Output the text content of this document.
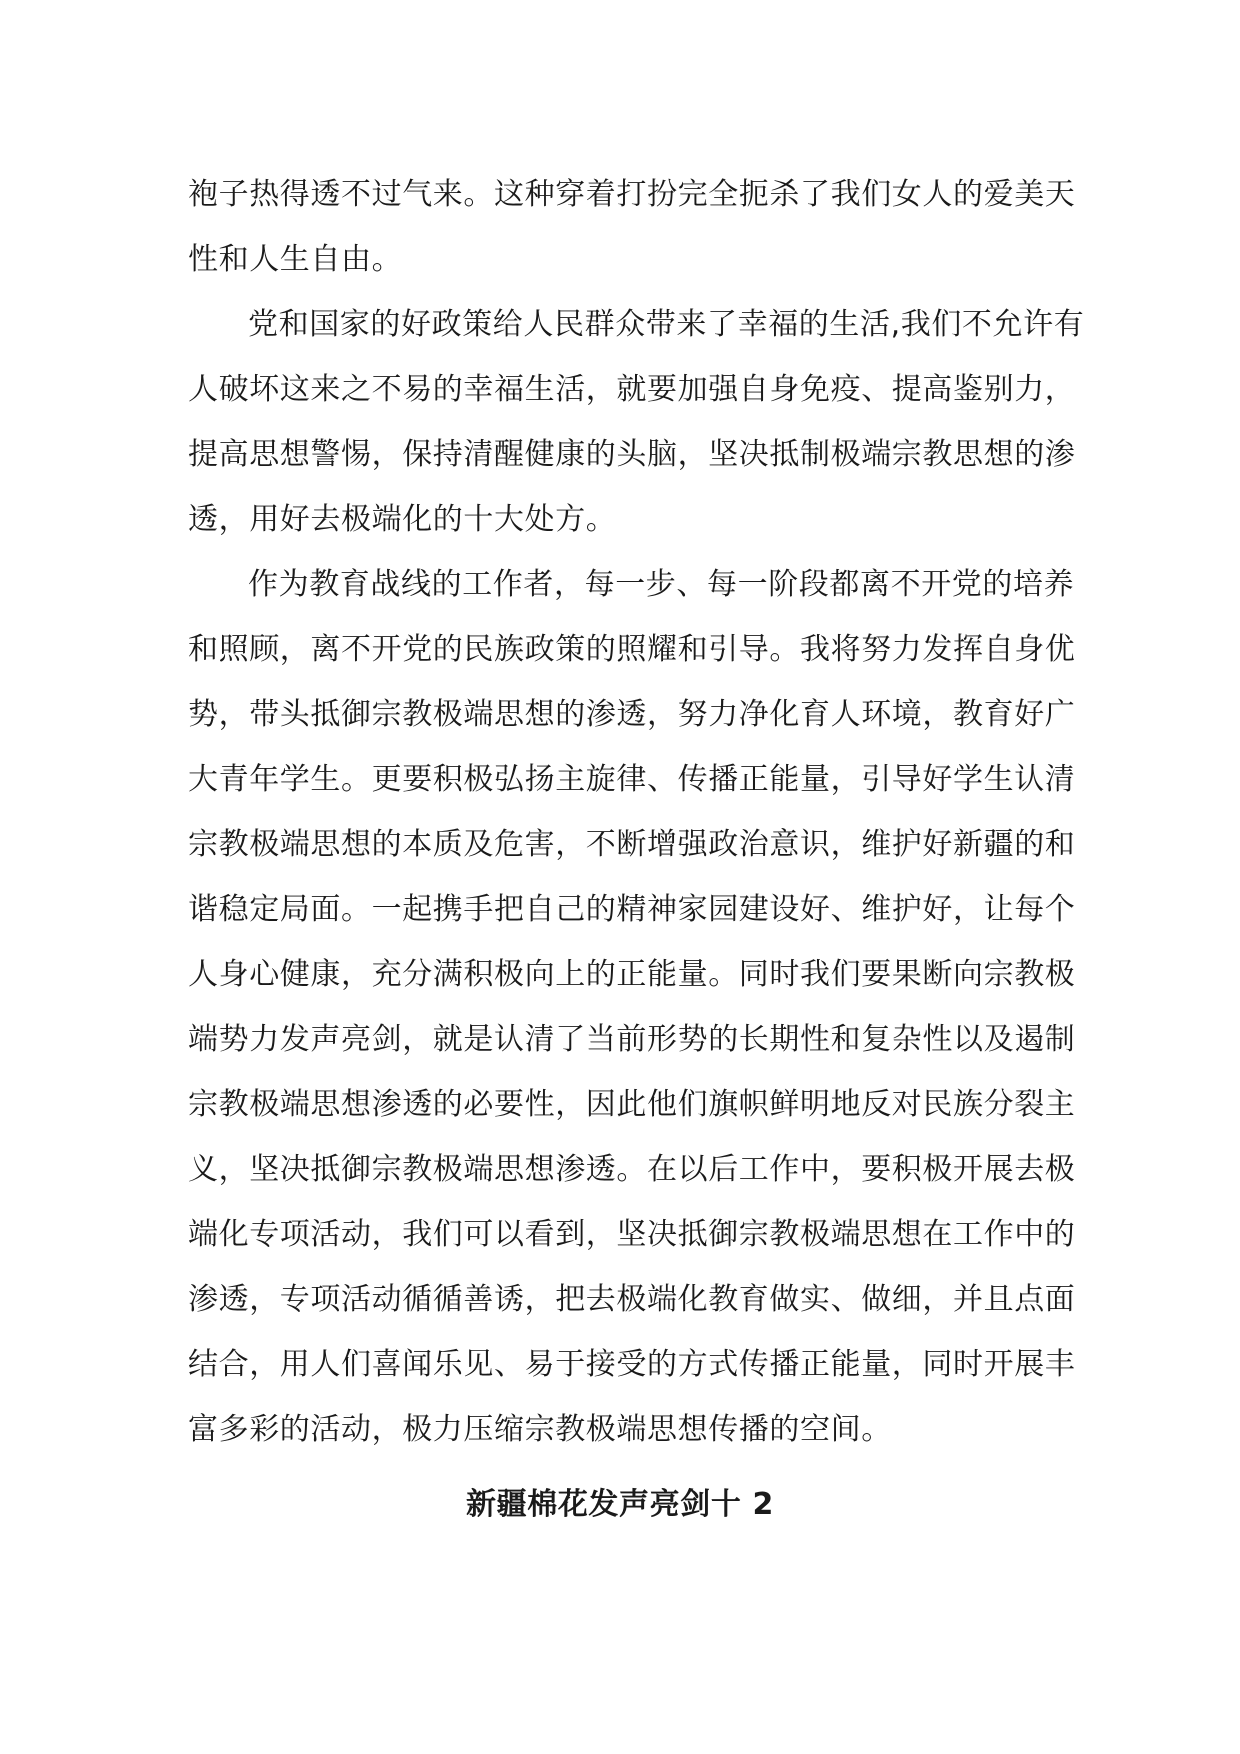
袍子热得透不过气来。这种穿着打扮完全扼杀了我们女人的爱美天
性和人生自由。
党和国家的好政策给人民群众带来了幸福的生活,我们不允许有
人破坏这来之不易的幸福生活，就要加强自身免疫、提高鉴别力，
提高思想警惕，保持清醒健康的头脑，坚决抵制极端宗教思想的渗
透，用好去极端化的十大处方。
作为教育战线的工作者，每一步、每一阶段都离不开党的培养
和照顾，离不开党的民族政策的照耀和引导。我将努力发挥自身优
势，带头抵御宗教极端思想的渗透，努力净化育人环境，教育好广
大青年学生。更要积极弘扬主旋律、传播正能量，引导好学生认清
宗教极端思想的本质及危害，不断增强政治意识，维护好新疆的和
谐稳定局面。一起携手把自己的精神家园建设好、维护好，让每个
人身心健康，充分满积极向上的正能量。同时我们要果断向宗教极
端势力发声亮剑，就是认清了当前形势的长期性和复杂性以及遏制
宗教极端思想渗透的必要性，因此他们旗帜鲜明地反对民族分裂主
义，坚决抵御宗教极端思想渗透。在以后工作中，要积极开展去极
端化专项活动，我们可以看到，坚决抵御宗教极端思想在工作中的
渗透，专项活动循循善诱，把去极端化教育做实、做细，并且点面
结合，用人们喜闻乐见、易于接受的方式传播正能量，同时开展丰
富多彩的活动，极力压缩宗教极端思想传播的空间。
新疆棉花发声亮剑十 2
